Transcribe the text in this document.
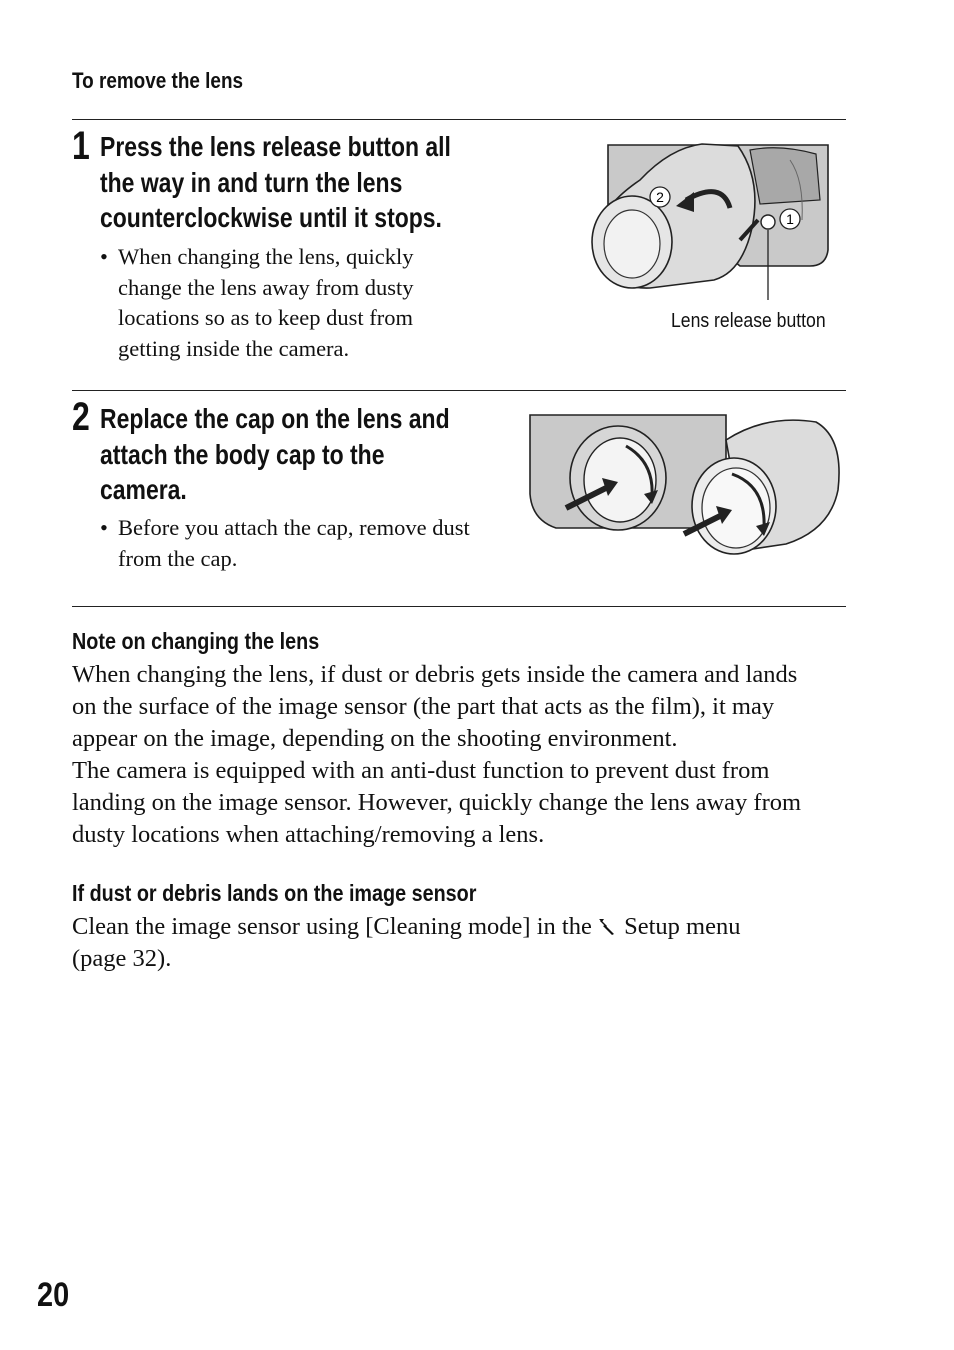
To remove the lens
1 Press the lens release button all
the way in and turn the lens
counterclockwise until it stops.
• When changing the lens, quickly
change the lens away from dusty
locations so as to keep dust from
getting inside the camera.
2
1
Lens release button
2 Replace the cap on the lens and
attach the body cap to the
camera.
• Before you attach the cap, remove dust
from the cap.
Note on changing the lens
When changing the lens, if dust or debris gets inside the camera and lands
on the surface of the image sensor (the part that acts as the film), it may
appear on the image, depending on the shooting environment.
The camera is equipped with an anti-dust function to prevent dust from
landing on the image sensor. However, quickly change the lens away from
dusty locations when attaching/removing a lens.
If dust or debris lands on the image sensor
Clean the image sensor using [Cleaning mode] in the Setup menu
(page 32).
20
